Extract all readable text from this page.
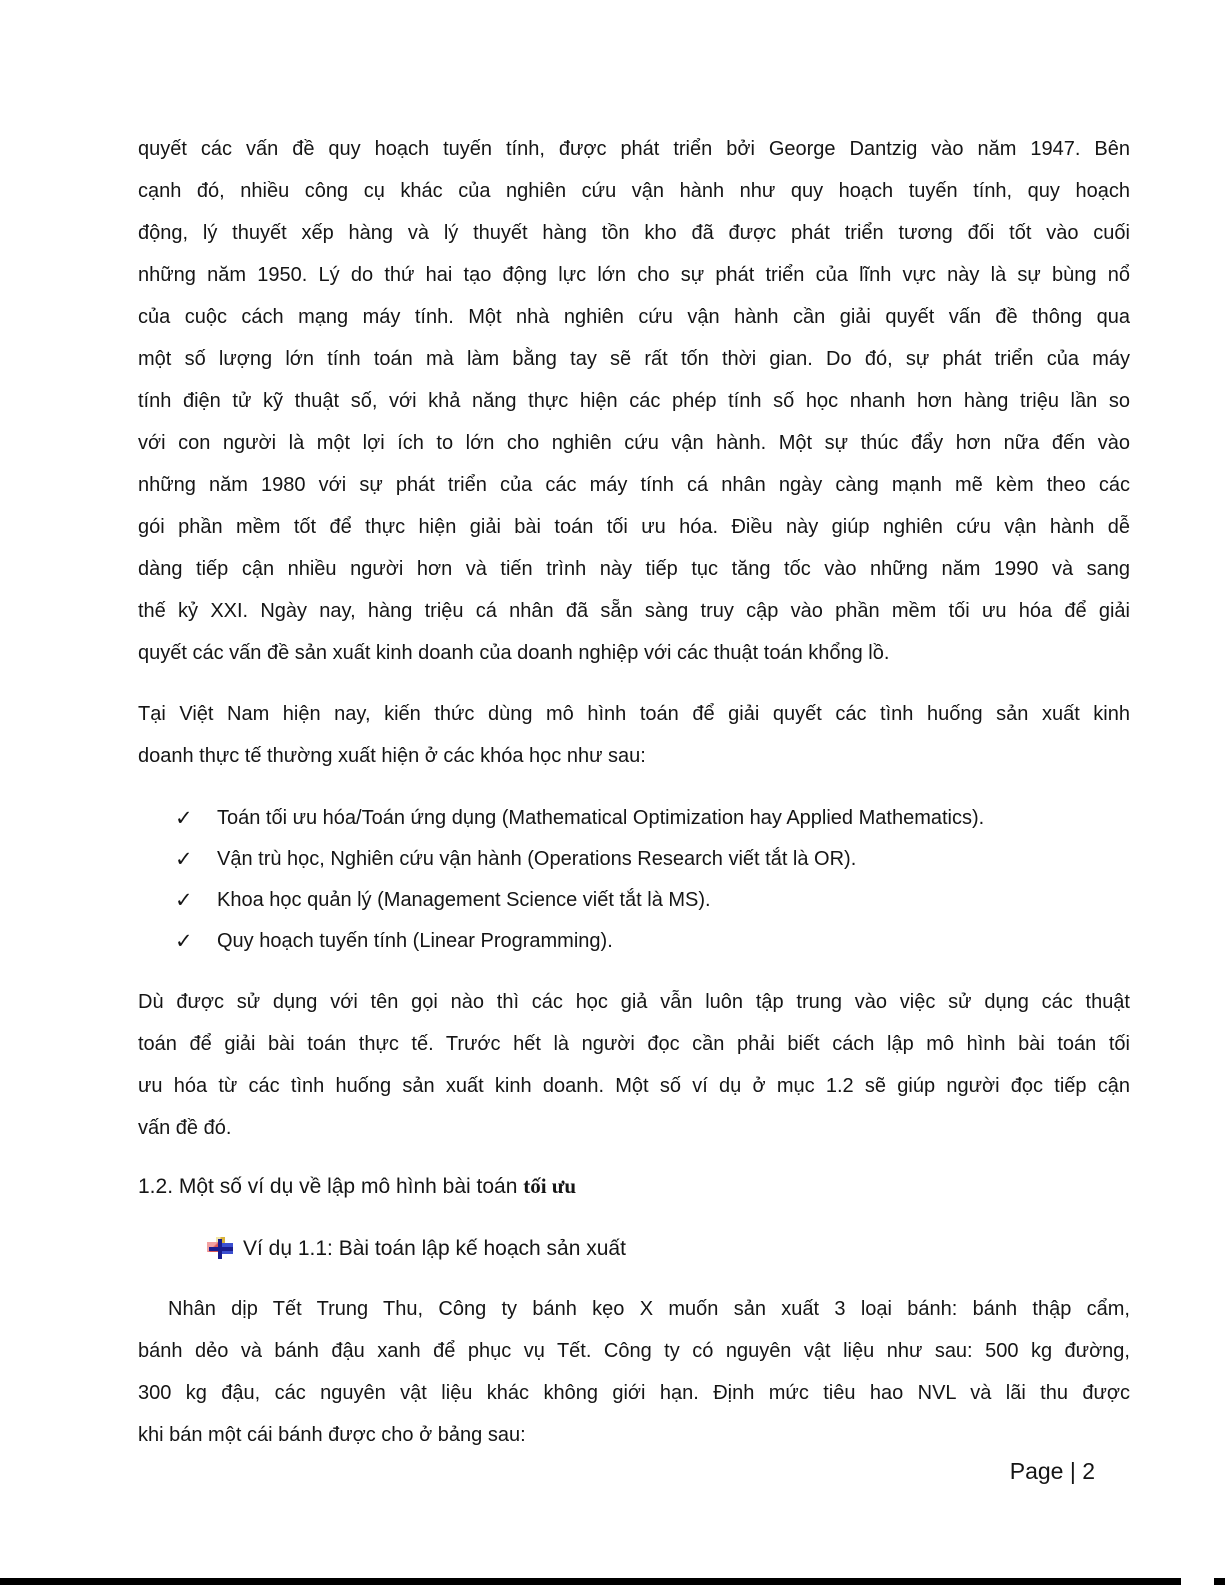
quyết các vấn đề quy hoạch tuyến tính, được phát triển bởi George Dantzig vào năm 1947. Bên
cạnh đó, nhiều công cụ khác của nghiên cứu vận hành như quy hoạch tuyến tính, quy hoạch
động, lý thuyết xếp hàng và lý thuyết hàng tồn kho đã được phát triển tương đối tốt vào cuối
những năm 1950. Lý do thứ hai tạo động lực lớn cho sự phát triển của lĩnh vực này là sự bùng nổ
của cuộc cách mạng máy tính. Một nhà nghiên cứu vận hành cần giải quyết vấn đề thông qua
một số lượng lớn tính toán mà làm bằng tay sẽ rất tốn thời gian. Do đó, sự phát triển của máy
tính điện tử kỹ thuật số, với khả năng thực hiện các phép tính số học nhanh hơn hàng triệu lần so
với con người là một lợi ích to lớn cho nghiên cứu vận hành. Một sự thúc đẩy hơn nữa đến vào
những năm 1980 với sự phát triển của các máy tính cá nhân ngày càng mạnh mẽ kèm theo các
gói phần mềm tốt để thực hiện giải bài toán tối ưu hóa. Điều này giúp nghiên cứu vận hành dễ
dàng tiếp cận nhiều người hơn và tiến trình này tiếp tục tăng tốc vào những năm 1990 và sang
thế kỷ XXI. Ngày nay, hàng triệu cá nhân đã sẵn sàng truy cập vào phần mềm tối ưu hóa để giải
quyết các vấn đề sản xuất kinh doanh của doanh nghiệp với các thuật toán khổng lồ.
Tại Việt Nam hiện nay, kiến thức dùng mô hình toán để giải quyết các tình huống sản xuất kinh
doanh thực tế thường xuất hiện ở các khóa học như sau:
✓ Toán tối ưu hóa/Toán ứng dụng (Mathematical Optimization hay Applied Mathematics).
✓ Vận trù học, Nghiên cứu vận hành (Operations Research viết tắt là OR).
✓ Khoa học quản lý (Management Science viết tắt là MS).
✓ Quy hoạch tuyến tính (Linear Programming).
Dù được sử dụng với tên gọi nào thì các học giả vẫn luôn tập trung vào việc sử dụng các thuật
toán để giải bài toán thực tế. Trước hết là người đọc cần phải biết cách lập mô hình bài toán tối
ưu hóa từ các tình huống sản xuất kinh doanh. Một số ví dụ ở mục 1.2 sẽ giúp người đọc tiếp cận
vấn đề đó.
1.2. Một số ví dụ về lập mô hình bài toán tối ưu
Ví dụ 1.1: Bài toán lập kế hoạch sản xuất
Nhân dịp Tết Trung Thu, Công ty bánh kẹo X muốn sản xuất 3 loại bánh: bánh thập cẩm,
bánh dẻo và bánh đậu xanh để phục vụ Tết. Công ty có nguyên vật liệu như sau: 500 kg đường,
300 kg đậu, các nguyên vật liệu khác không giới hạn. Định mức tiêu hao NVL và lãi thu được
khi bán một cái bánh được cho ở bảng sau:
Page | 2
